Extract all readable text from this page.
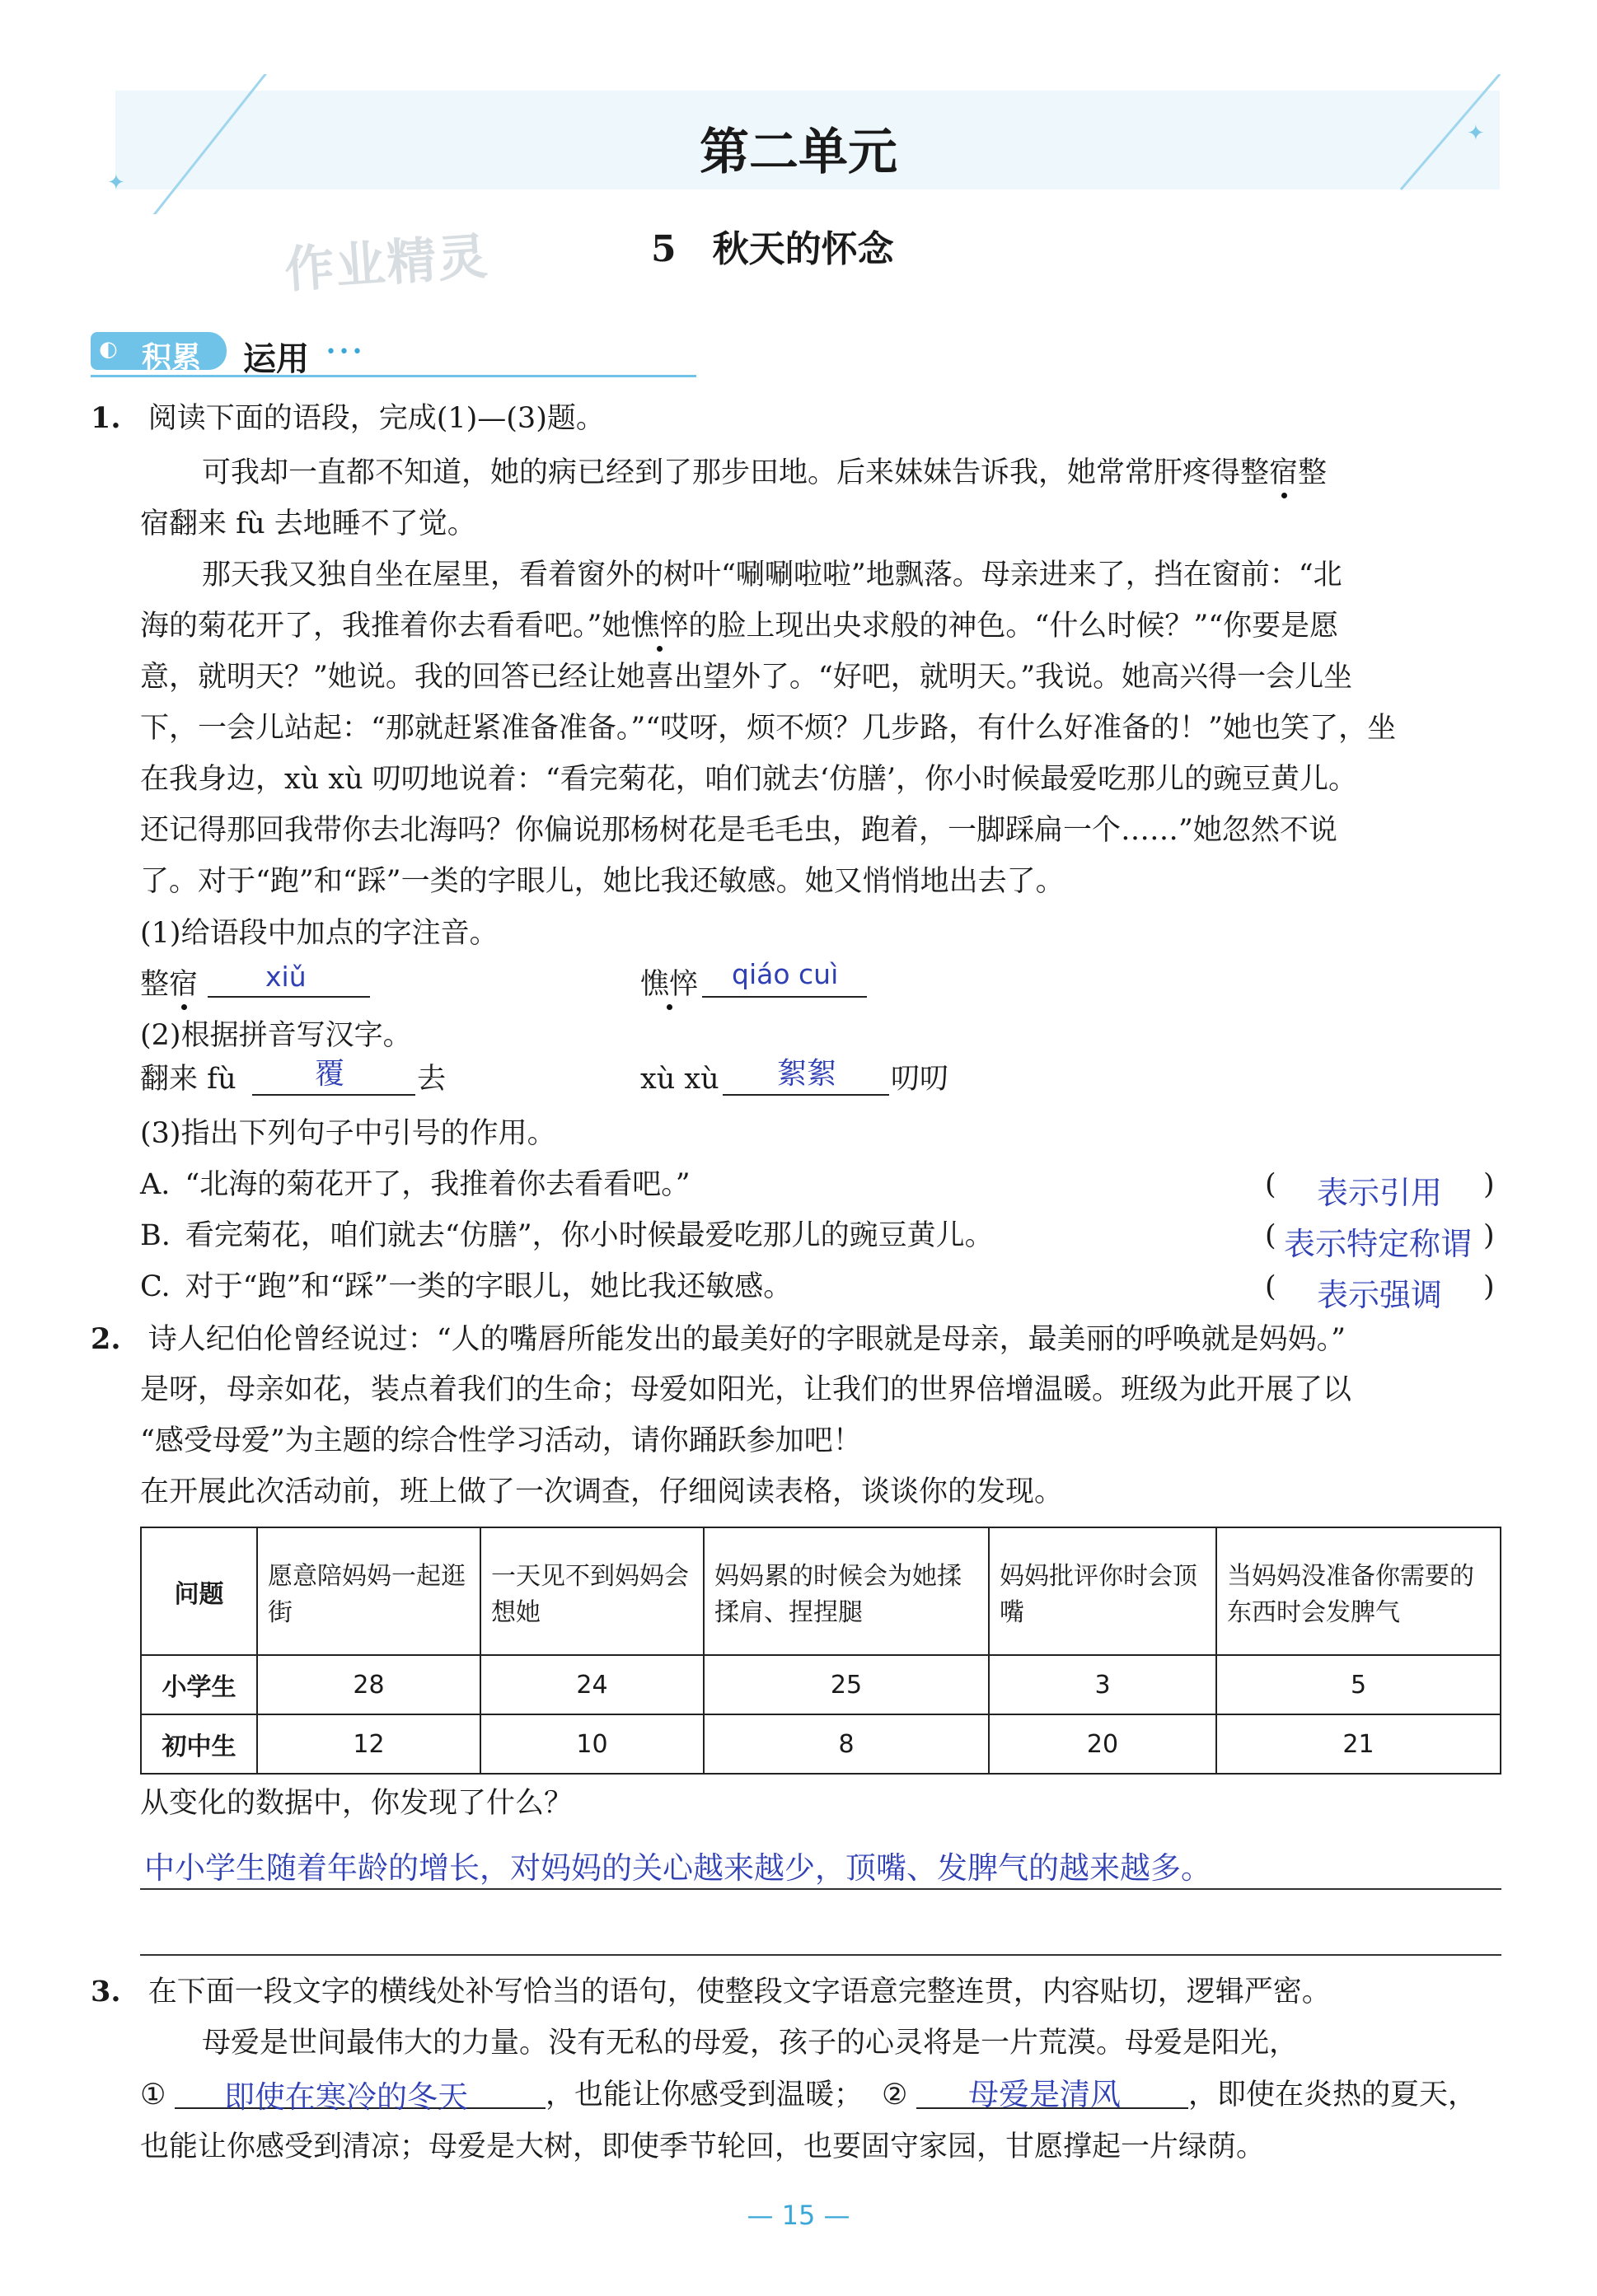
✦
✦
第二单元
作业精灵	5　秋天的怀念
◐ 积累 运用 •••
1. 阅读下面的语段，完成(1)—(3)题。
可我却一直都不知道，她的病已经到了那步田地。后来妹妹告诉我，她常常肝疼得整宿整
宿翻来 fù 去地睡不了觉。
那天我又独自坐在屋里，看着窗外的树叶“唰唰啦啦”地飘落。母亲进来了，挡在窗前：“北
海的菊花开了，我推着你去看看吧。”她憔悴的脸上现出央求般的神色。“什么时候？”“你要是愿
意，就明天？”她说。我的回答已经让她喜出望外了。“好吧，就明天。”我说。她高兴得一会儿坐
下，一会儿站起：“那就赶紧准备准备。”“哎呀，烦不烦？几步路，有什么好准备的！”她也笑了，坐
在我身边，xù xù 叨叨地说着：“看完菊花，咱们就去‘仿膳’，你小时候最爱吃那儿的豌豆黄儿。
还记得那回我带你去北海吗？你偏说那杨树花是毛毛虫，跑着，一脚踩扁一个……”她忽然不说
了。对于“跑”和“踩”一类的字眼儿，她比我还敏感。她又悄悄地出去了。
(1)给语段中加点的字注音。
整宿 xiǔ	憔悴 qiáo cuì
(2)根据拼音写汉字。
翻来 fù	覆	去	xù xù 絮絮 叨叨
(3)指出下列句子中引号的作用。
A. “北海的菊花开了，我推着你去看看吧。”	( 表示引用 )
B. 看完菊花，咱们就去“仿膳”，你小时候最爱吃那儿的豌豆黄儿。	( 表示特定称谓 )
C. 对于“跑”和“踩”一类的字眼儿，她比我还敏感。	( 表示强调 )
2. 诗人纪伯伦曾经说过：“人的嘴唇所能发出的最美好的字眼就是母亲，最美丽的呼唤就是妈妈。”
是呀，母亲如花，装点着我们的生命；母爱如阳光，让我们的世界倍增温暖。班级为此开展了以
“感受母爱”为主题的综合性学习活动，请你踊跃参加吧！
在开展此次活动前，班上做了一次调查，仔细阅读表格，谈谈你的发现。
问题	愿意陪妈妈一起逛街	一天见不到妈妈会想她	妈妈累的时候会为她揉揉肩、捏捏腿	妈妈批评你时会顶嘴	当妈妈没准备你需要的东西时会发脾气
小学生	28	24	25	3	5
初中生	12	10	8	20	21
从变化的数据中，你发现了什么？
中小学生随着年龄的增长，对妈妈的关心越来越少，顶嘴、发脾气的越来越多。
3. 在下面一段文字的横线处补写恰当的语句，使整段文字语意完整连贯，内容贴切，逻辑严密。
母爱是世间最伟大的力量。没有无私的母爱，孩子的心灵将是一片荒漠。母爱是阳光，
① 即使在寒冷的冬天	，也能让你感受到温暖； ② 母爱是清风 ，即使在炎热的夏天，
也能让你感受到清凉；母爱是大树，即使季节轮回，也要固守家园，甘愿撑起一片绿荫。
— 15 —
